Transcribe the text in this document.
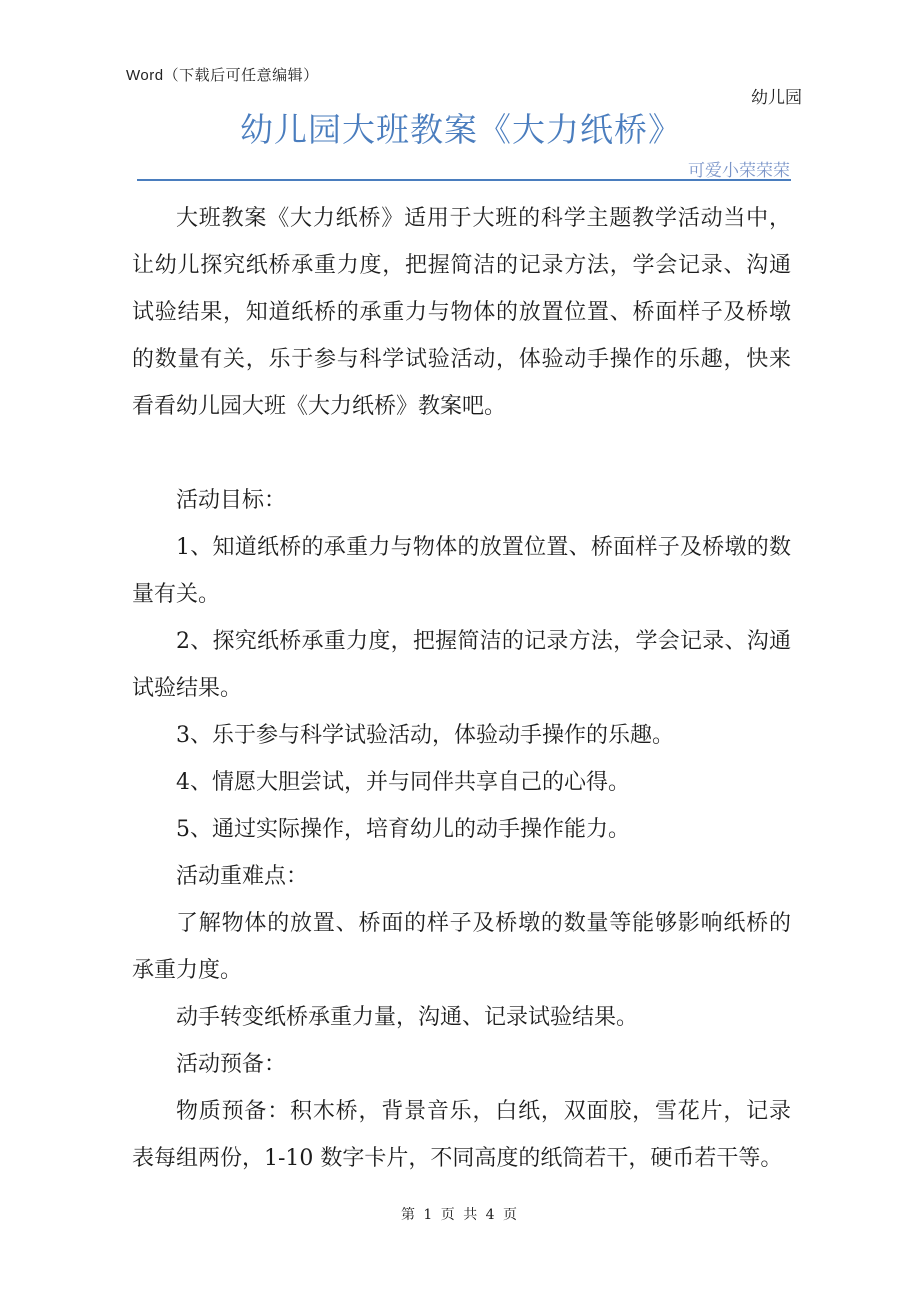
Word（下载后可任意编辑）
幼儿园
幼儿园大班教案《大力纸桥》
可爱小荣荣荣

大班教案《大力纸桥》适用于大班的科学主题教学活动当中，让幼儿探究纸桥承重力度，把握简洁的记录方法，学会记录、沟通试验结果，知道纸桥的承重力与物体的放置位置、桥面样子及桥墩的数量有关，乐于参与科学试验活动，体验动手操作的乐趣，快来看看幼儿园大班《大力纸桥》教案吧。

活动目标：

1、知道纸桥的承重力与物体的放置位置、桥面样子及桥墩的数量有关。

2、探究纸桥承重力度，把握简洁的记录方法，学会记录、沟通试验结果。

3、乐于参与科学试验活动，体验动手操作的乐趣。

4、情愿大胆尝试，并与同伴共享自己的心得。

5、通过实际操作，培育幼儿的动手操作能力。

活动重难点：

了解物体的放置、桥面的样子及桥墩的数量等能够影响纸桥的承重力度。

动手转变纸桥承重力量，沟通、记录试验结果。

活动预备：

物质预备：积木桥，背景音乐，白纸，双面胶，雪花片，记录表每组两份，1-10 数字卡片，不同高度的纸筒若干，硬币若干等。

第 1 页 共 4 页
